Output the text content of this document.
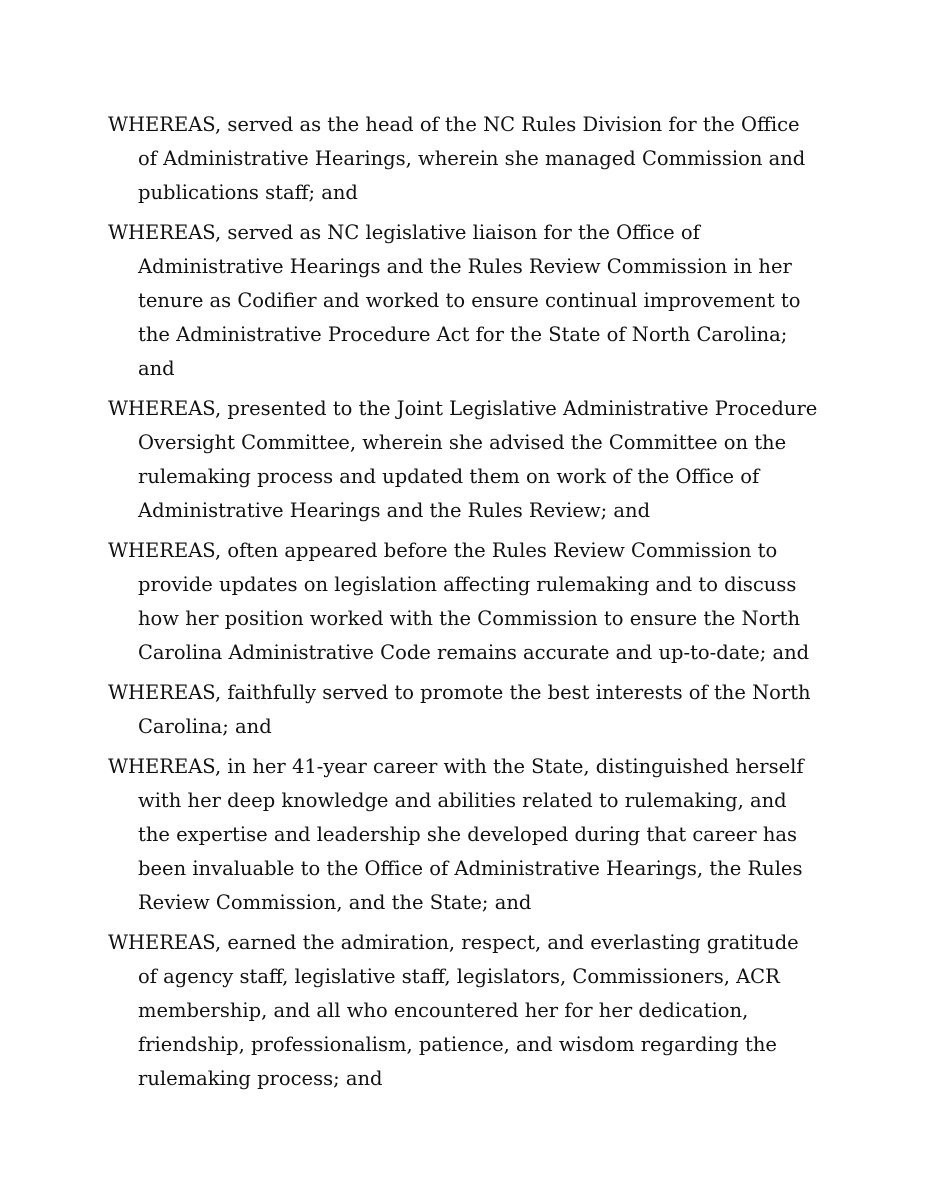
WHEREAS, served as the head of the NC Rules Division for the Office of Administrative Hearings, wherein she managed Commission and publications staff; and

WHEREAS, served as NC legislative liaison for the Office of Administrative Hearings and the Rules Review Commission in her tenure as Codifier and worked to ensure continual improvement to the Administrative Procedure Act for the State of North Carolina; and

WHEREAS, presented to the Joint Legislative Administrative Procedure Oversight Committee, wherein she advised the Committee on the rulemaking process and updated them on work of the Office of Administrative Hearings and the Rules Review; and

WHEREAS, often appeared before the Rules Review Commission to provide updates on legislation affecting rulemaking and to discuss how her position worked with the Commission to ensure the North Carolina Administrative Code remains accurate and up-to-date; and

WHEREAS, faithfully served to promote the best interests of the North Carolina; and

WHEREAS, in her 41-year career with the State, distinguished herself with her deep knowledge and abilities related to rulemaking, and the expertise and leadership she developed during that career has been invaluable to the Office of Administrative Hearings, the Rules Review Commission, and the State; and

WHEREAS, earned the admiration, respect, and everlasting gratitude of agency staff, legislative staff, legislators, Commissioners, ACR membership, and all who encountered her for her dedication, friendship, professionalism, patience, and wisdom regarding the rulemaking process; and
